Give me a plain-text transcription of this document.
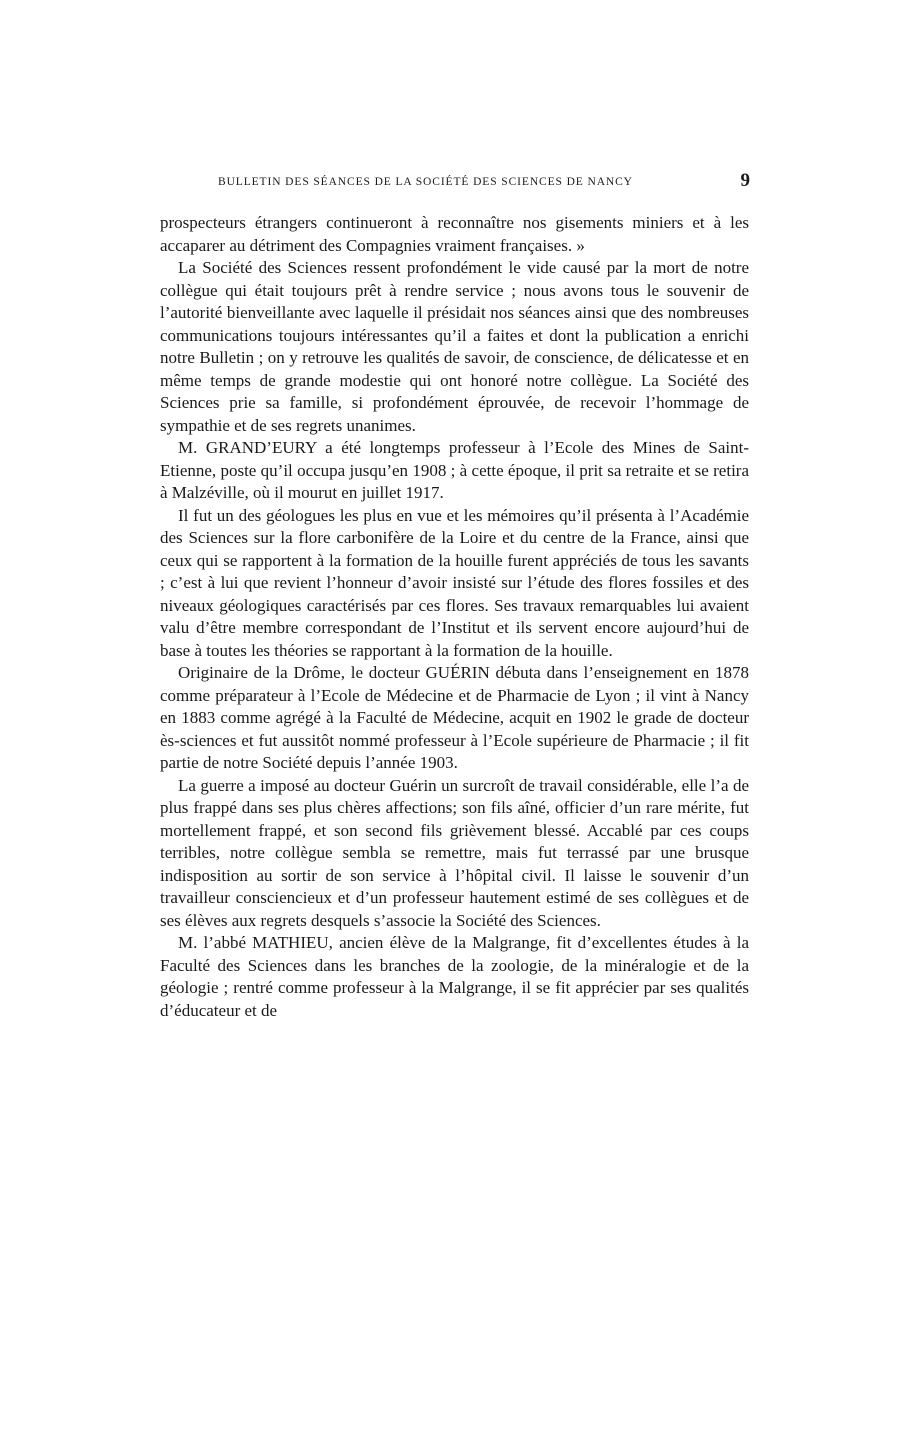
BULLETIN DES SÉANCES DE LA SOCIÉTÉ DES SCIENCES DE NANCY	9

prospecteurs étrangers continueront à reconnaître nos gisements miniers et à les accaparer au détriment des Compagnies vraiment françaises. »

La Société des Sciences ressent profondément le vide causé par la mort de notre collègue qui était toujours prêt à rendre service ; nous avons tous le souvenir de l’autorité bienveillante avec laquelle il présidait nos séances ainsi que des nombreuses communications toujours intéressantes qu’il a faites et dont la publication a enrichi notre Bulletin ; on y retrouve les qualités de savoir, de conscience, de délicatesse et en même temps de grande modestie qui ont honoré notre collègue. La Société des Sciences prie sa famille, si profondément éprouvée, de recevoir l’hommage de sympathie et de ses regrets unanimes.

M. GRAND’EURY a été longtemps professeur à l’Ecole des Mines de Saint-Etienne, poste qu’il occupa jusqu’en 1908 ; à cette époque, il prit sa retraite et se retira à Malzéville, où il mourut en juillet 1917.

Il fut un des géologues les plus en vue et les mémoires qu’il présenta à l’Académie des Sciences sur la flore carbonifère de la Loire et du centre de la France, ainsi que ceux qui se rapportent à la formation de la houille furent appréciés de tous les savants ; c’est à lui que revient l’honneur d’avoir insisté sur l’étude des flores fossiles et des niveaux géologiques caractérisés par ces flores. Ses travaux remarquables lui avaient valu d’être membre correspondant de l’Institut et ils servent encore aujourd’hui de base à toutes les théories se rapportant à la formation de la houille.

Originaire de la Drôme, le docteur GUÉRIN débuta dans l’enseignement en 1878 comme préparateur à l’Ecole de Médecine et de Pharmacie de Lyon ; il vint à Nancy en 1883 comme agrégé à la Faculté de Médecine, acquit en 1902 le grade de docteur ès-sciences et fut aussitôt nommé professeur à l’Ecole supérieure de Pharmacie ; il fit partie de notre Société depuis l’année 1903.

La guerre a imposé au docteur Guérin un surcroît de travail considérable, elle l’a de plus frappé dans ses plus chères affections; son fils aîné, officier d’un rare mérite, fut mortellement frappé, et son second fils grièvement blessé. Accablé par ces coups terribles, notre collègue sembla se remettre, mais fut terrassé par une brusque indisposition au sortir de son service à l’hôpital civil. Il laisse le souvenir d’un travailleur consciencieux et d’un professeur hautement estimé de ses collègues et de ses élèves aux regrets desquels s’associe la Société des Sciences.

M. l’abbé MATHIEU, ancien élève de la Malgrange, fit d’excellentes études à la Faculté des Sciences dans les branches de la zoologie, de la minéralogie et de la géologie ; rentré comme professeur à la Malgrange, il se fit apprécier par ses qualités d’éducateur et de
